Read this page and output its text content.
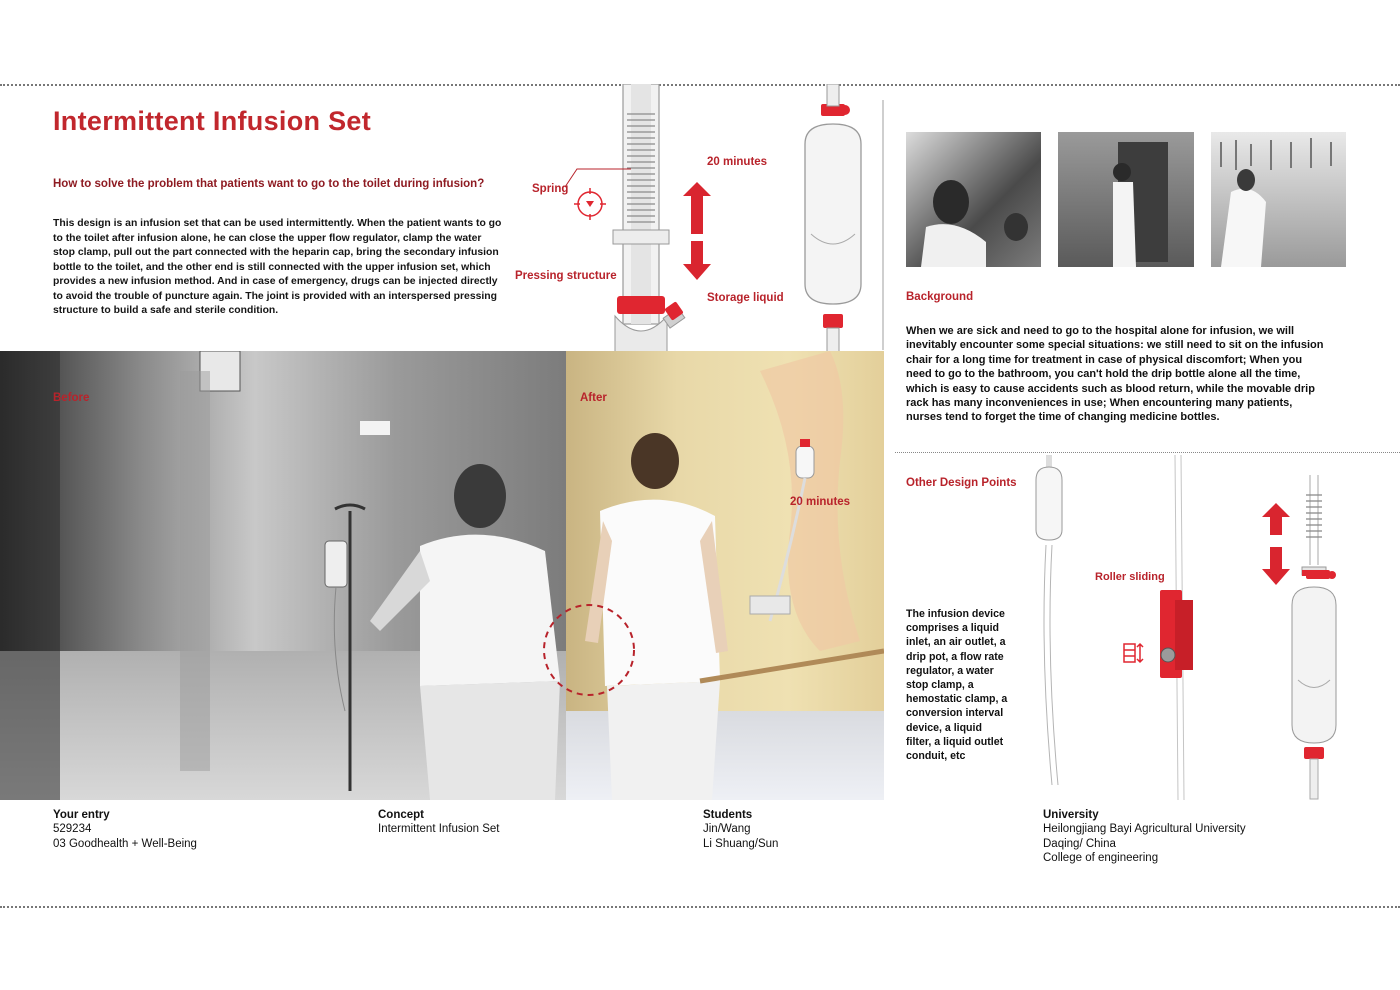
Intermittent Infusion Set
How to solve the problem that patients want to go to the toilet during infusion?
This design is an infusion set that can be used intermittently. When the patient wants to go to the toilet after infusion alone, he can close the upper flow regulator, clamp the water stop clamp, pull out the part connected with the heparin cap, bring the secondary infusion bottle to the toilet, and the other end is still connected with the upper infusion set, which provides a new infusion method. And in case of emergency, drugs can be injected directly to avoid the trouble of puncture again. The joint is provided with an interspersed pressing structure to build a safe and sterile condition.
Spring
Pressing structure
20 minutes
Storage liquid
Before	After
20 minutes
Background
When we are sick and need to go to the hospital alone for infusion, we will inevitably encounter some special situations: we still need to sit on the infusion chair for a long time for treatment in case of physical discomfort; When you need to go to the bathroom, you can't hold the drip bottle alone all the time, which is easy to cause accidents such as blood return, while the movable drip rack has many inconveniences in use; When encountering many patients, nurses tend to forget the time of changing medicine bottles.
Other Design Points
The infusion device comprises a liquid inlet, an air outlet, a drip pot, a flow rate regulator, a water stop clamp, a hemostatic clamp, a conversion interval device, a liquid filter, a liquid outlet conduit, etc
Roller sliding
Your entry
529234
03 Goodhealth + Well-Being
Concept
Intermittent Infusion Set
Students
Jin/Wang
Li Shuang/Sun
University
Heilongjiang Bayi Agricultural University
Daqing/ China
College of engineering
